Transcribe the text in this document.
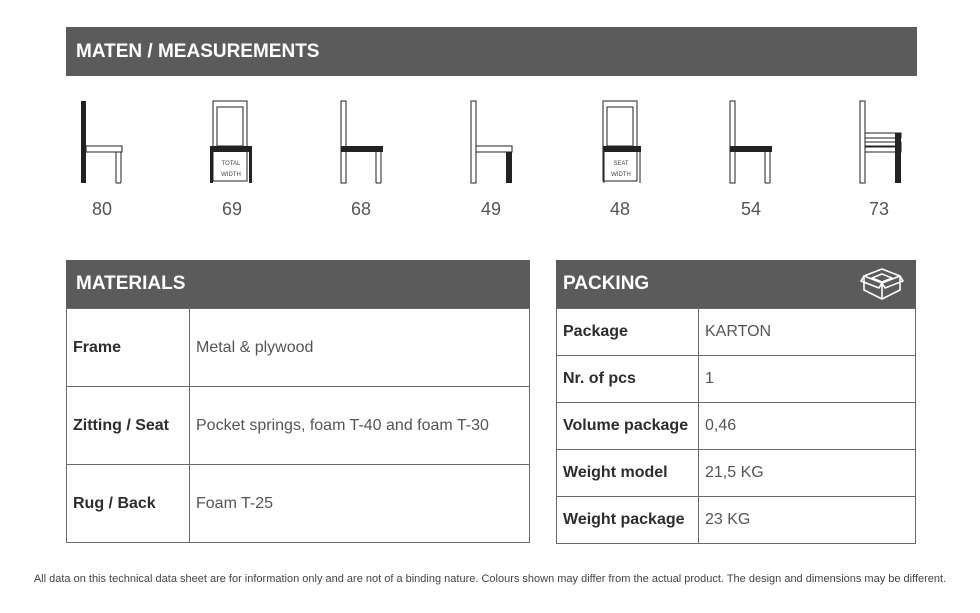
MATEN / MEASUREMENTS
TOTAL
WIDTH
SEAT
WIDTH
80	69	68	49	48	54	73
MATERIALS
Frame	Metal & plywood
Zitting / Seat	Pocket springs, foam T-40 and foam T-30
Rug / Back	Foam T-25
PACKING
Package	KARTON
Nr. of pcs	1
Volume package	0,46
Weight model	21,5 KG
Weight package	23 KG
All data on this technical data sheet are for information only and are not of a binding nature. Colours shown may differ from the actual product. The design and dimensions may be different.
